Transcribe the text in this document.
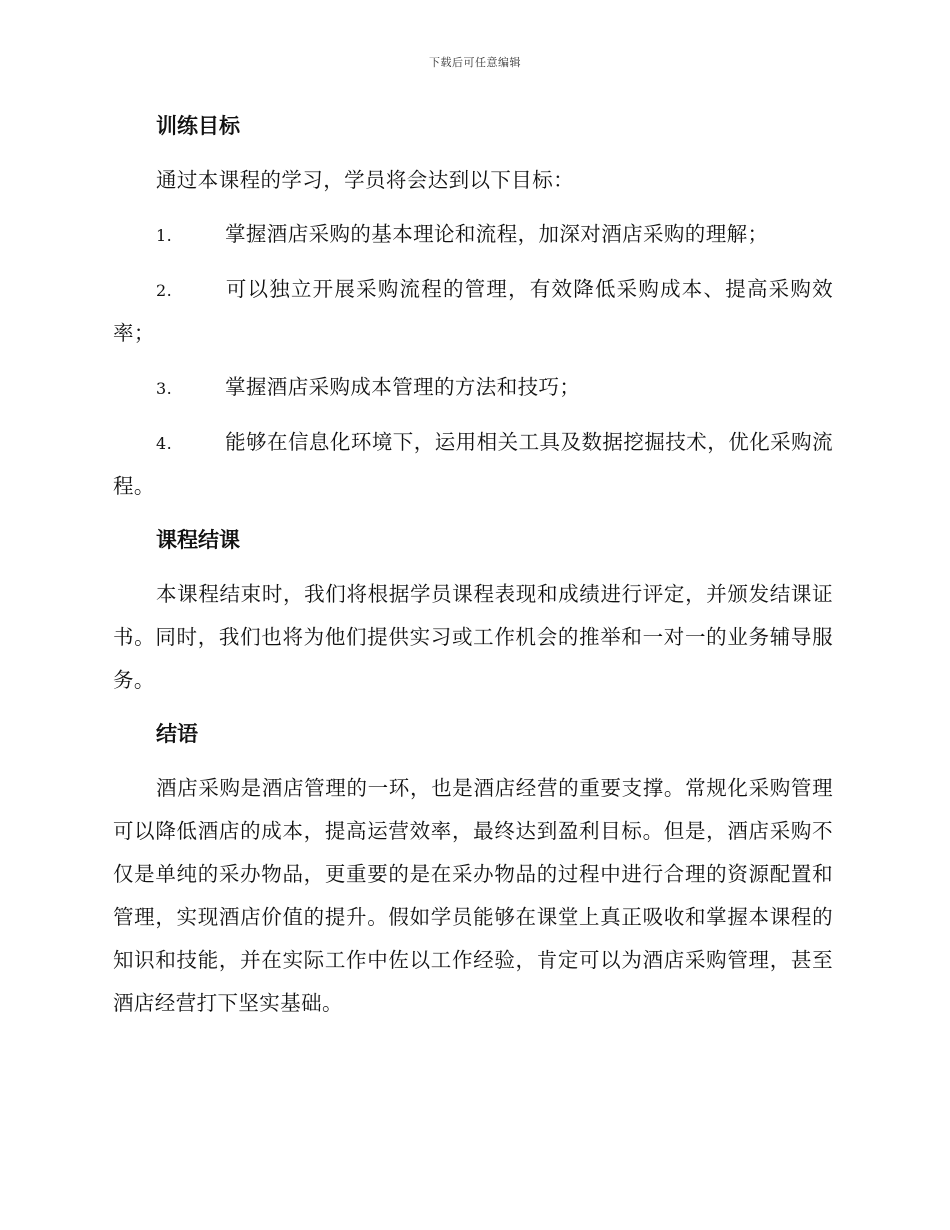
下载后可任意编辑
训练目标

通过本课程的学习，学员将会达到以下目标：

1.	掌握酒店采购的基本理论和流程，加深对酒店采购的理解；

2.	可以独立开展采购流程的管理，有效降低采购成本、提高采购效率；

3.	掌握酒店采购成本管理的方法和技巧；

4.	能够在信息化环境下，运用相关工具及数据挖掘技术，优化采购流程。

课程结课

本课程结束时，我们将根据学员课程表现和成绩进行评定，并颁发结课证书。同时，我们也将为他们提供实习或工作机会的推举和一对一的业务辅导服务。

结语

酒店采购是酒店管理的一环，也是酒店经营的重要支撑。常规化采购管理可以降低酒店的成本，提高运营效率，最终达到盈利目标。但是，酒店采购不仅是单纯的采办物品，更重要的是在采办物品的过程中进行合理的资源配置和管理，实现酒店价值的提升。假如学员能够在课堂上真正吸收和掌握本课程的知识和技能，并在实际工作中佐以工作经验，肯定可以为酒店采购管理，甚至酒店经营打下坚实基础。
